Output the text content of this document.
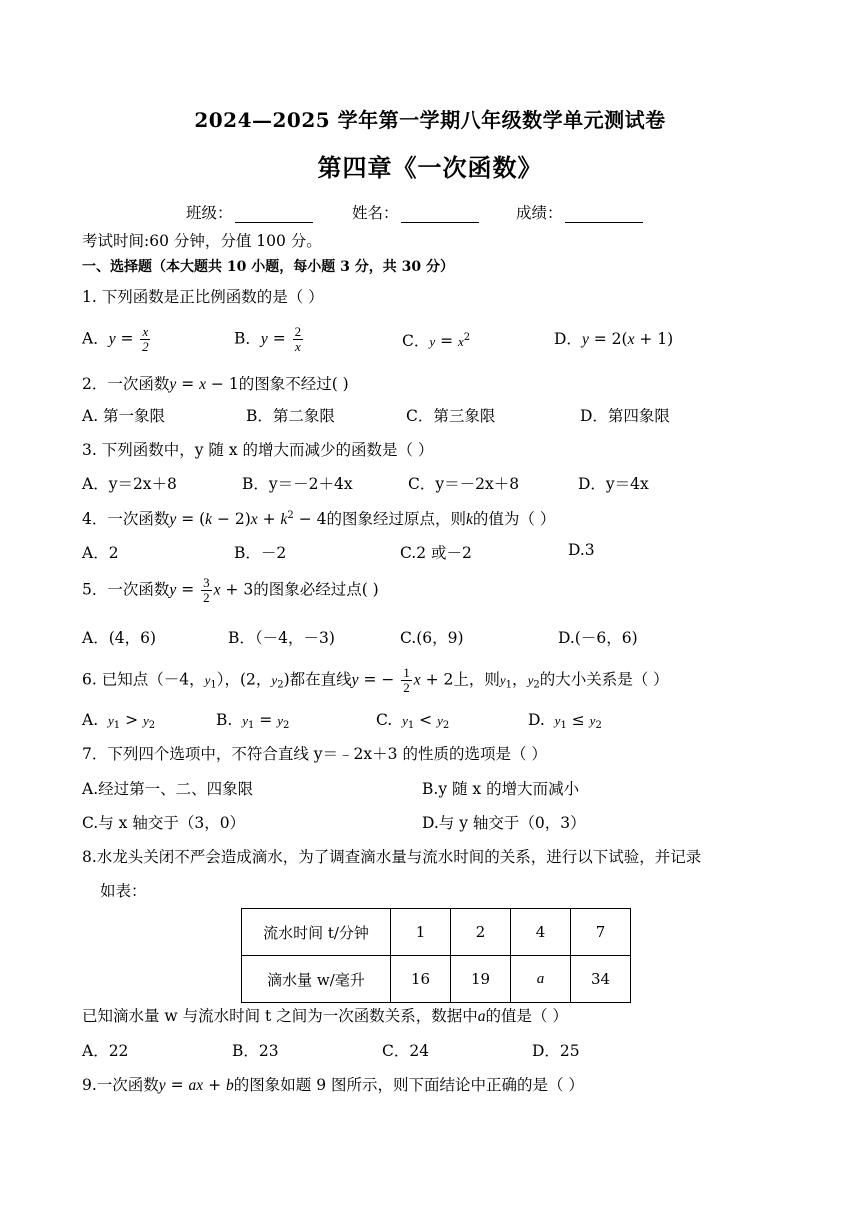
2024—2025 学年第一学期八年级数学单元测试卷
第四章《一次函数》
班级：	姓名：	成绩：
考试时间:60 分钟，分值 100 分。
一、选择题（本大题共 10 小题，每小题 3 分，共 30 分）
1. 下列函数是正比例函数的是（ ）
A．$y = \frac{x}{2}$	B．$y = \frac{2}{x}$	C．$y = x^2$	D．y = 2(x + 1)
2．一次函数y = x − 1的图象不经过( )
A. 第一象限	B．第二象限	C．第三象限	D．第四象限
3. 下列函数中，y 随 x 的增大而减少的函数是（ ）
A．y＝2x＋8	B．y＝－2＋4x	C．y＝－2x＋8	D．y＝4x
4．一次函数$y = (k - 2)x + k^2 - 4$的图象经过原点，则k的值为（ ）
A．2	B．－2	C.2 或－2	D.3
5．一次函数$y = \frac{3}{2}$ x + 3的图象必经过点( )
A．(4，6)	B．（－4，－3)	C.(6，9)	D.(－6，6)
6. 已知点（－4，$y_1$），(2，$y_2$)都在直线y = − $\frac{1}{2}$ x + 2上，则$y_1$，$y_2$的大小关系是（ ）
A. $y_1 > y_2$	B. $y_1 = y_2$	C. $y_1 < y_2$	D. $y_1 \le y_2$
7．下列四个选项中，不符合直线 y＝﹣2x＋3 的性质的选项是（ ）
A.经过第一、二、四象限	B.y 随 x 的增大而减小
C.与 x 轴交于（3，0）	D.与 y 轴交于（0，3）
8.水龙头关闭不严会造成滴水，为了调查滴水量与流水时间的关系，进行以下试验，并记录
如表：
流水时间 t/分钟	1	2	4	7
滴水量 w/毫升	16	19	a	34
已知滴水量 w 与流水时间 t 之间为一次函数关系，数据中a的值是（ ）
A．22	B．23	C．24	D．25
9.一次函数y = ax + b的图象如题 9 图所示，则下面结论中正确的是（ ）
